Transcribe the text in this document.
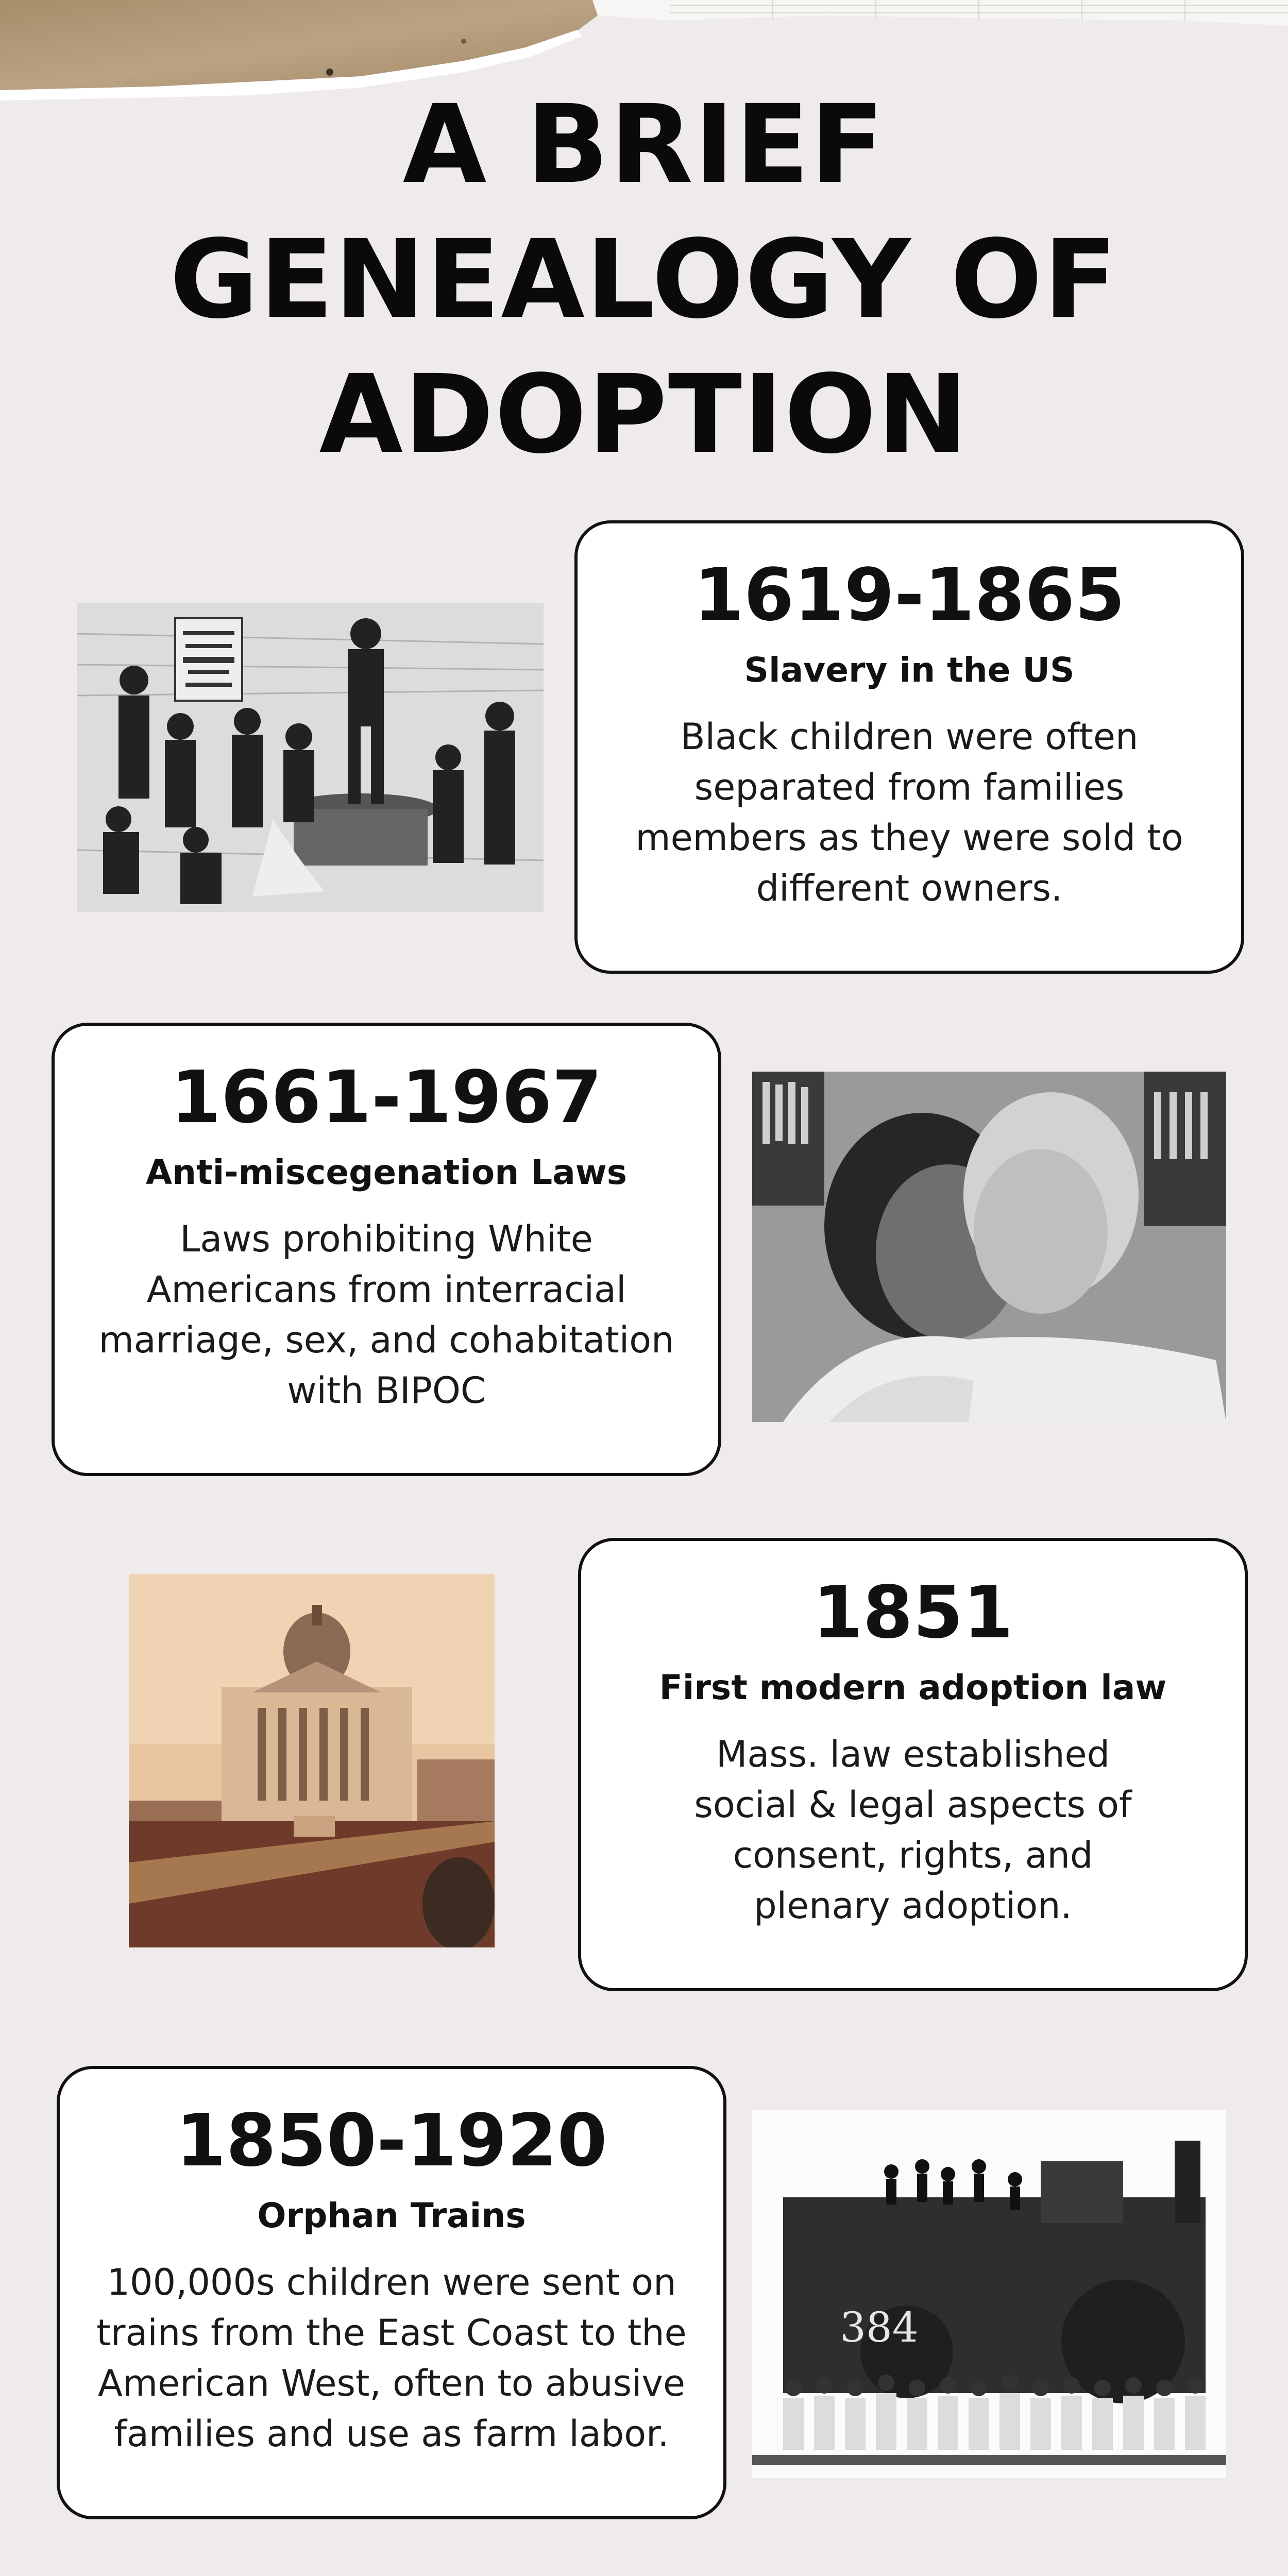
A BRIEF
GENEALOGY OF
ADOPTION
1619-1865
Slavery in the US
Black children were often separated from families members as they were sold to different owners.
1661-1967
Anti-miscegenation Laws
Laws prohibiting White Americans from interracial marriage, sex, and cohabitation with BIPOC
1851
First modern adoption law
Mass. law established social & legal aspects of consent, rights, and plenary adoption.
1850-1920
Orphan Trains
100,000s children were sent on trains from the East Coast to the American West, often to abusive families and use as farm labor.
384
